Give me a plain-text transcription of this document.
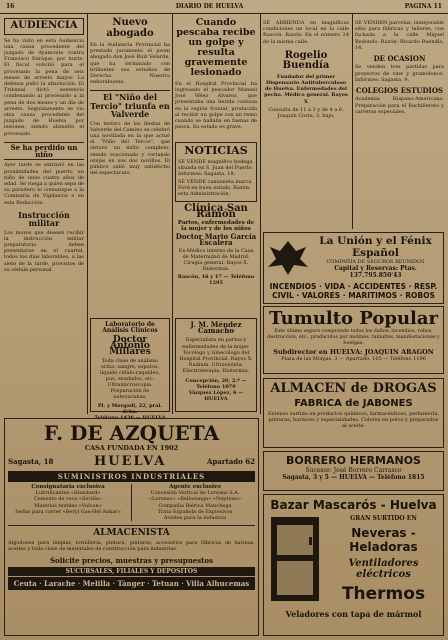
16	DIARIO DE HUELVA	PAGINA 11
AUDIENCIA

Se ha visto en esta Audiencia una causa procedente del juzgado de Ayamonte contra Francisco Enrique, por hurto. El fiscal solicitó para el procesado la pena de seis meses de arresto mayor. La defensa pidió la absolución. El Tribunal dictó sentencia condenando al procesado a la pena de dos meses y un día de arresto. Seguidamente se vio otra causa procedente del juzgado de Huelva por lesiones, siendo absuelto el procesado.

Se ha perdido un niño

Ayer tarde se extravió en las proximidades del puerto un niño de unos cuatro años de edad. Se ruega a quien sepa de su paradero lo comunique a la Comisaría de Vigilancia o en esta Redacción.

Instrucción militar

Los mozos que deseen recibir la instrucción militar preparatoria deben presentarse en el cuartel, todos los días laborables, a las siete de la tarde, provistos de su cédula personal.

Nuevo abogado

En la Audiencia Provincial ha prestado juramento el joven abogado don José Ruiz Velarde, que ha terminado con brillantez sus estudios de Derecho. Nuestra enhorabuena.

El "Niño del Tercio" triunfa en Valverde

Con motivo de las fiestas de Valverde del Camino se celebró una novillada en la que actuó el "Niño del Tercio", que obtuvo un éxito completo, siendo ovacionado y cortando orejas en sus dos novillos. El público salió muy satisfecho del espectáculo.

Laboratorio de Análisis Clínicos
Doctor Antonio Millares
Toda clase de análisis: orina, sangre, esputos, líquido céfalo-raquídeo, pus, exudados, etc. Ultramicroscopía. Preparación de autovacunas.
Pl. y Morgadi, 22, pral. dcha.
Teléfono 1436 — HUELVA
Cuando pescaba recibe un golpe y resulta gravemente lesionado

En el Hospital Provincial ha ingresado el pescador Manuel José Vélez Álvarez, que presentaba una herida contusa en la región frontal, producida al recibir un golpe con un remo cuando se hallaba en faenas de pesca. Su estado es grave.

NOTICIAS

SE VENDE magnífico bodega situada en S. Juan del Puerto. Informes: Sagasta, 18.

SE VENDE camioneta marca Ford en buen estado. Razón: esta Administración.

Clínica San Ramón
Partos, enfermedades de la mujer y de los niños
Doctor Mario García Escalera
Ex-Médico interno de la Casa de Maternidad de Madrid. Cirugía general. Rayos X. Diatermia.
Rascón, 16 y 17 — Teléfono 1295
J. M. Méndez Camacho
Especialista en partos y enfermedades de la mujer. Tocólogo y Ginecólogo del Hospital Provincial. Rayos X. Radium. Ultravioleta. Electroterapia. Diatermia.
Concepción, 20, 2.º — Teléfono 1079
Vázquez López, 6 — HUELVA

SE ARRIENDA en magníficas condiciones un local en la calle Rascón. Razón: En el número 24 de la misma calle.

Rogelio Buendía

Fundador del primer Dispensario Antituberculoso de Huelva. Enfermedades del pecho. Médico general. Rayos X

Consulta de 11 a 1 y de 4 a 6. Joaquín Costa, 3, bajo.

SE VENDEN parcelas, inmejorable sitio para fábricas y talleres, con fachada a la calle Miguel Redondo. Razón: Ricardo Buendía, 14.

DE OCASION

Se venden tres partidas para proyectos de cine y gramófonos. Informes: Sagasta, 9.

COLEGIOS ESTUDIOS

Academia Hispano-Americana. Preparación para el Bachillerato y carreras especiales.

La Unión y el Fénix Español
COMPAÑÍA DE SEGUROS REUNIDOS
Capital y Reservas: Ptas. 137.795.850'43
INCENDIOS · VIDA · ACCIDENTES · RESP. CIVIL · VALORES · MARITIMOS · ROBOS
Tumulto Popular
Este último seguro comprende todos los daños: incendios, robos, destrucción, etc., producidos por motines, tumultos, manifestaciones y huelgas.
Subdirector en HUELVA: JOAQUIN ARAGON
Plaza de las Monjas, 3 — Apartado, 105 — Teléfono 1196
ALMACEN de DROGAS
FABRICA de JABONES
Extenso surtido en productos químicos, farmacéuticos, perfumería, pinturas, barnices y especialidades. Colores en polvo y preparados al aceite.
BORRERO HERMANOS
Sucesor: José Borrero Carrasco
Sagasta, 3 y 5 — HUELVA — Teléfono 1815
Bazar Mascarós - Huelva
GRAN SURTIDO EN
Neveras - Heladoras
Ventiladores eléctricos
Thermos
Veladores con tapa de mármol
F. DE AZQUETA
CASA FUNDADA EN 1902
Sagasta, 18	HUELVA	Apartado 62
SUMINISTROS INDUSTRIALES
Consignataria exclusiva
Lubrificantes «Standard»
Cemento de roca «Sevilla»
Materias textiles «Vulcan»
Sedas para correr «Beryl Gas-Hel Ankar»
Agente exclusivo
Concesión Vertical de Loreans S.A.
«Lorenzo» «Bellavenga» «Neptuno»
Compañía Ibérica Manchega
Trata Española de Explosivos
Aceites para la industria
ALMACENISTA
Algodones para limpiar, tornillería, pintura, pinturas, accesorios para fábricas de harinas, aceites y toda clase de materiales de construcción para industrias.
Solicite precios, muestras y presupuestos
SUCURSALES, FILIALES Y DEPOSITOS
Ceuta · Larache · Melilla · Tánger · Tetuan · Villa Alhucemas
